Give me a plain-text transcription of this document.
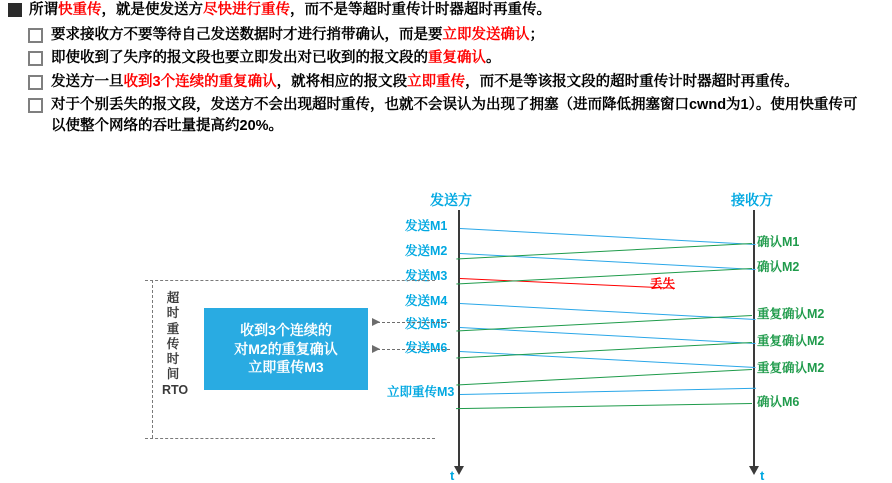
所谓快重传，就是使发送方尽快进行重传，而不是等超时重传计时器超时再重传。
要求接收方不要等待自己发送数据时才进行捎带确认，而是要立即发送确认；
即使收到了失序的报文段也要立即发出对已收到的报文段的重复确认。
发送方一旦收到3个连续的重复确认，就将相应的报文段立即重传，而不是等该报文段的超时重传计时器超时再重传。
对于个别丢失的报文段，发送方不会出现超时重传，也就不会误认为出现了拥塞（进而降低拥塞窗口cwnd为1）。使用快重传可以使整个网络的吞吐量提高约20%。
发送方	接收方
t	t
发送M1
发送M2
发送M3
发送M4
发送M5
发送M6
立即重传M3
确认M1
确认M2
重复确认M2
重复确认M2
重复确认M2
确认M6
丢失
超
时
重
传
时
间
RTO
收到3个连续的
对M2的重复确认
立即重传M3
